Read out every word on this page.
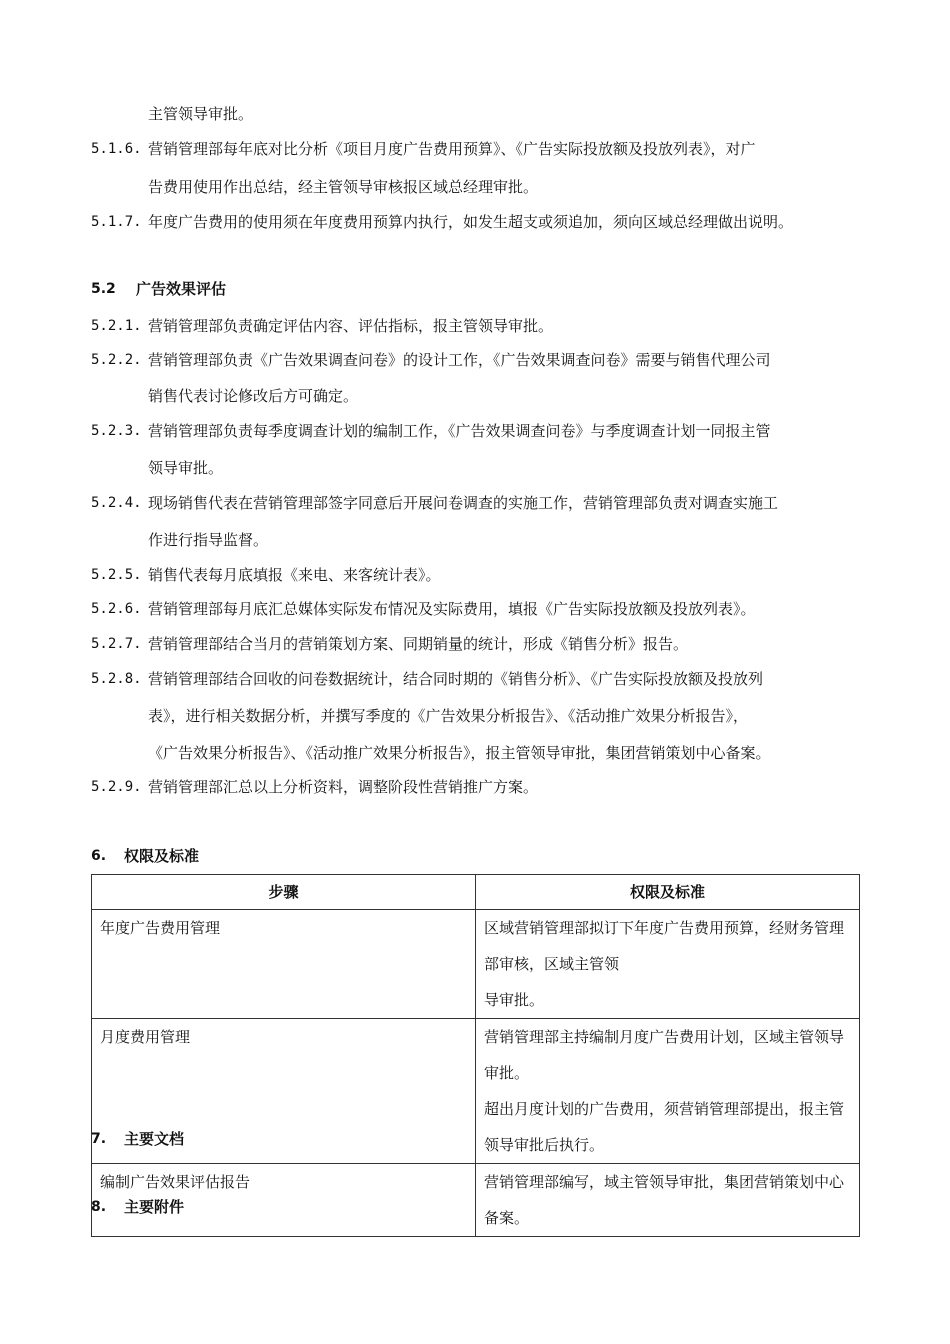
主管领导审批。
5.1.6. 营销管理部每年底对比分析《项目月度广告费用预算》、《广告实际投放额及投放列表》，对广
告费用使用作出总结，经主管领导审核报区域总经理审批。
5.1.7. 年度广告费用的使用须在年度费用预算内执行，如发生超支或须追加，须向区域总经理做出说明。
5.2 广告效果评估
5.2.1. 营销管理部负责确定评估内容、评估指标，报主管领导审批。
5.2.2. 营销管理部负责《广告效果调查问卷》的设计工作，《广告效果调查问卷》需要与销售代理公司
销售代表讨论修改后方可确定。
5.2.3. 营销管理部负责每季度调查计划的编制工作，《广告效果调查问卷》与季度调查计划一同报主管
领导审批。
5.2.4. 现场销售代表在营销管理部签字同意后开展问卷调查的实施工作，营销管理部负责对调查实施工
作进行指导监督。
5.2.5. 销售代表每月底填报《来电、来客统计表》。
5.2.6. 营销管理部每月底汇总媒体实际发布情况及实际费用，填报《广告实际投放额及投放列表》。
5.2.7. 营销管理部结合当月的营销策划方案、同期销量的统计，形成《销售分析》报告。
5.2.8. 营销管理部结合回收的问卷数据统计，结合同时期的《销售分析》、《广告实际投放额及投放列
表》，进行相关数据分析，并撰写季度的《广告效果分析报告》、《活动推广效果分析报告》，
《广告效果分析报告》、《活动推广效果分析报告》，报主管领导审批，集团营销策划中心备案。
5.2.9. 营销管理部汇总以上分析资料，调整阶段性营销推广方案。
6. 权限及标准
步骤	权限及标准
年度广告费用管理	区域营销管理部拟订下年度广告费用预算，经财务管理部审核，区域主管领
导审批。

月度费用管理	营销管理部主持编制月度广告费用计划，区域主管领导审批。
超出月度计划的广告费用，须营销管理部提出，报主管领导审批后执行。

编制广告效果评估报告	营销管理部编写，域主管领导审批，集团营销策划中心备案。
7. 主要文档
8. 主要附件
